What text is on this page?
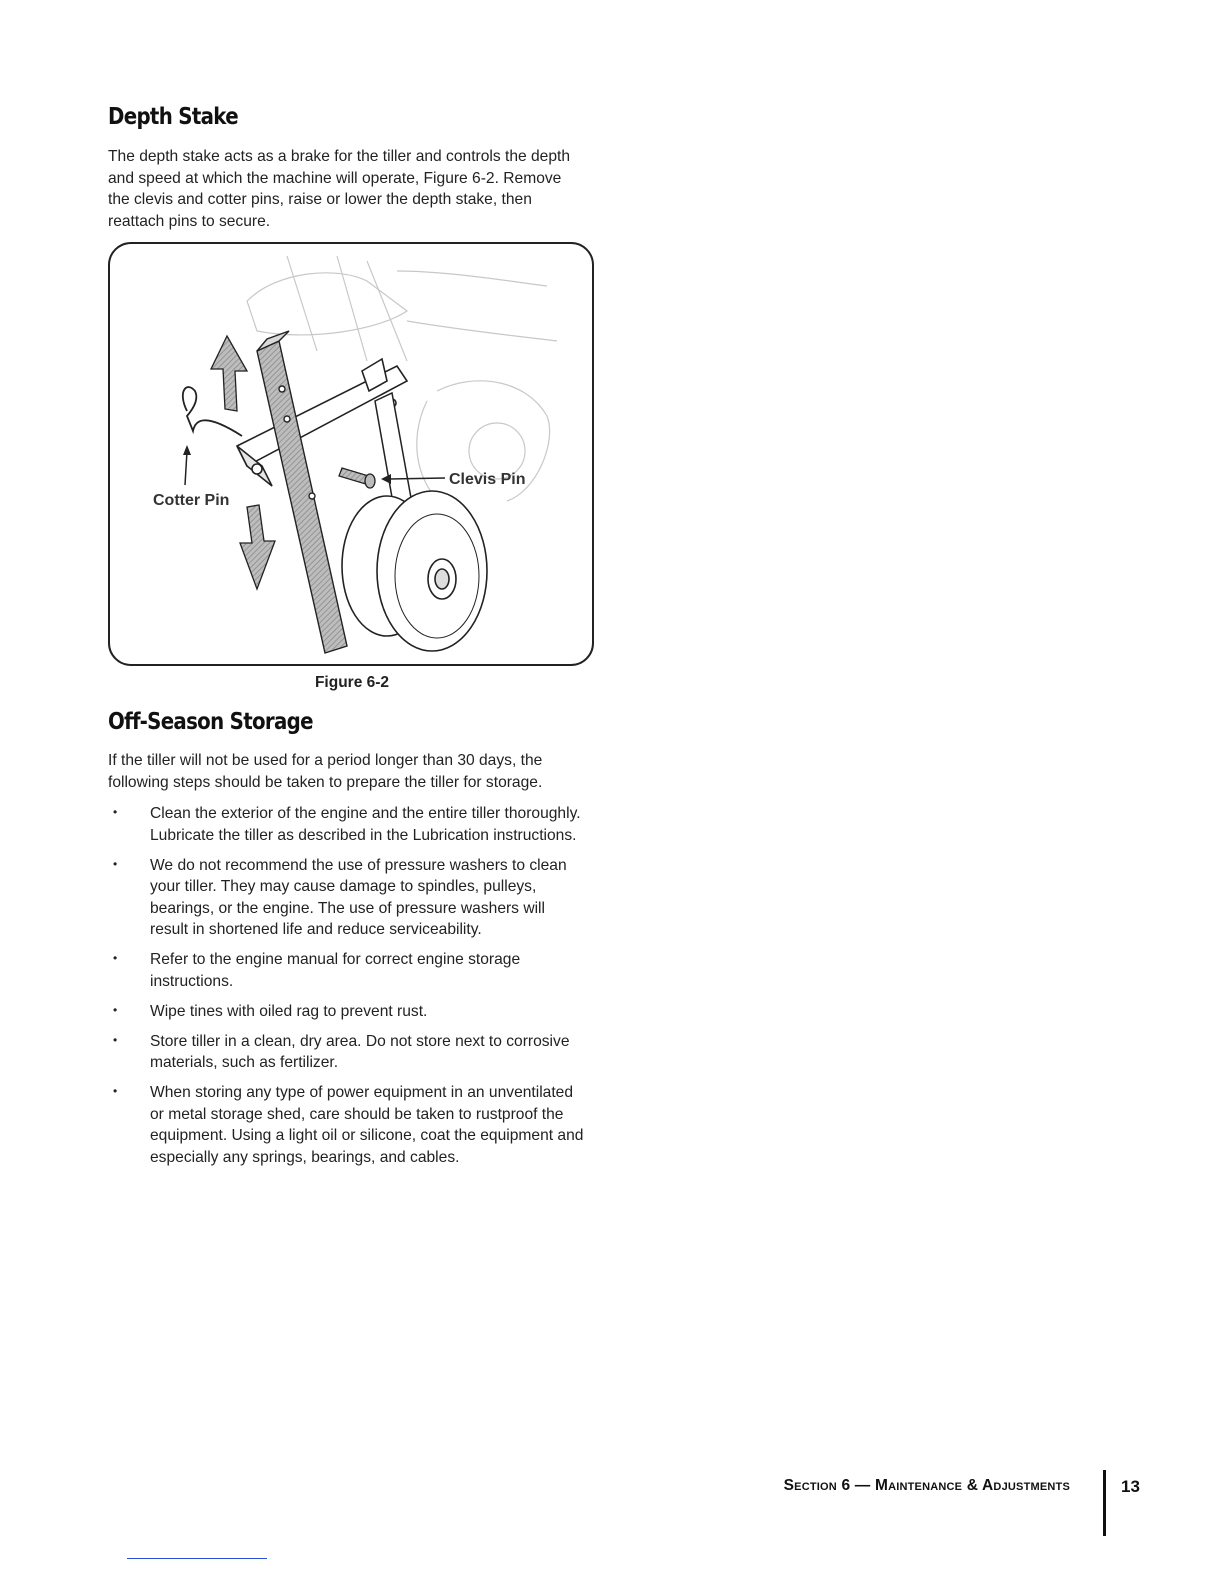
Depth Stake

The depth stake acts as a brake for the tiller and controls the depth and speed at which the machine will operate, Figure 6-2. Remove the clevis and cotter pins, raise or lower the depth stake, then reattach pins to secure.

Cotter Pin
Clevis Pin
Figure 6-2
Off-Season Storage

If the tiller will not be used for a period longer than 30 days, the following steps should be taken to prepare the tiller for storage.

• Clean the exterior of the engine and the entire tiller thoroughly. Lubricate the tiller as described in the Lubrication instructions.
• We do not recommend the use of pressure washers to clean your tiller. They may cause damage to spindles, pulleys, bearings, or the engine. The use of pressure washers will result in shortened life and reduce serviceability.
• Refer to the engine manual for correct engine storage instructions.
• Wipe tines with oiled rag to prevent rust.
• Store tiller in a clean, dry area. Do not store next to corrosive materials, such as fertilizer.
• When storing any type of power equipment in an unventilated or metal storage shed, care should be taken to rustproof the equipment. Using a light oil or silicone, coat the equipment and especially any springs, bearings, and cables.
Section 6 — Maintenance & Adjustments	13
